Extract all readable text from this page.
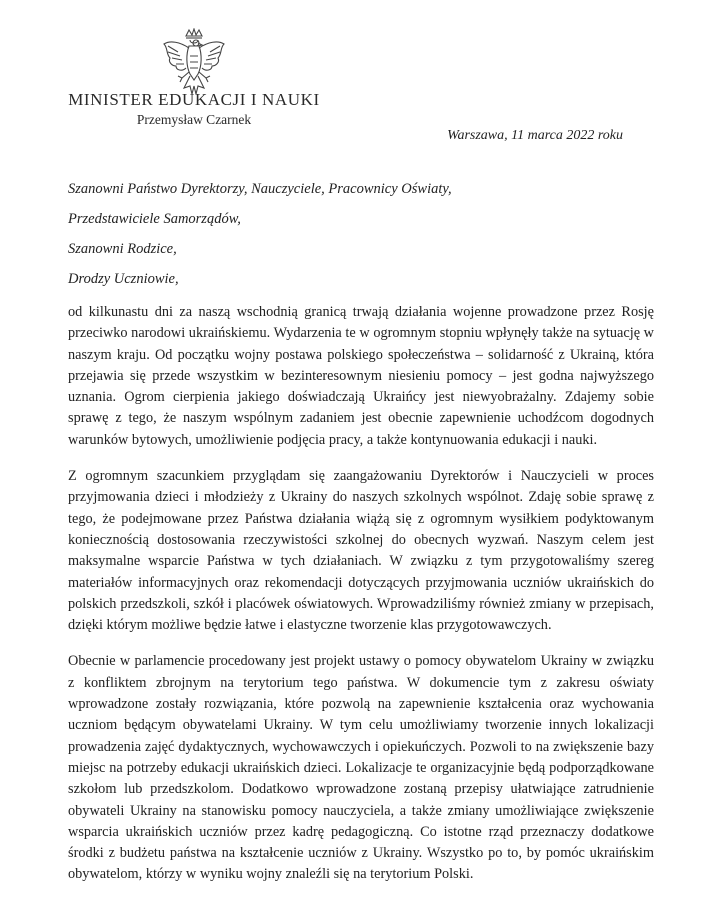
MINISTER EDUKACJI I NAUKI
Przemysław Czarnek
Warszawa, 11 marca 2022 roku
Szanowni Państwo Dyrektorzy, Nauczyciele, Pracownicy Oświaty,
Przedstawiciele Samorządów,
Szanowni Rodzice,
Drodzy Uczniowie,

od kilkunastu dni za naszą wschodnią granicą trwają działania wojenne prowadzone przez Rosję przeciwko narodowi ukraińskiemu. Wydarzenia te w ogromnym stopniu wpłynęły także na sytuację w naszym kraju. Od początku wojny postawa polskiego społeczeństwa – solidarność z Ukrainą, która przejawia się przede wszystkim w bezinteresownym niesieniu pomocy – jest godna najwyższego uznania. Ogrom cierpienia jakiego doświadczają Ukraińcy jest niewyobrażalny. Zdajemy sobie sprawę z tego, że naszym wspólnym zadaniem jest obecnie zapewnienie uchodźcom dogodnych warunków bytowych, umożliwienie podjęcia pracy, a także kontynuowania edukacji i nauki.

Z ogromnym szacunkiem przyglądam się zaangażowaniu Dyrektorów i Nauczycieli w proces przyjmowania dzieci i młodzieży z Ukrainy do naszych szkolnych wspólnot. Zdaję sobie sprawę z tego, że podejmowane przez Państwa działania wiążą się z ogromnym wysiłkiem podyktowanym koniecznością dostosowania rzeczywistości szkolnej do obecnych wyzwań. Naszym celem jest maksymalne wsparcie Państwa w tych działaniach. W związku z tym przygotowaliśmy szereg materiałów informacyjnych oraz rekomendacji dotyczących przyjmowania uczniów ukraińskich do polskich przedszkoli, szkół i placówek oświatowych. Wprowadziliśmy również zmiany w przepisach, dzięki którym możliwe będzie łatwe i elastyczne tworzenie klas przygotowawczych.

Obecnie w parlamencie procedowany jest projekt ustawy o pomocy obywatelom Ukrainy w związku z konfliktem zbrojnym na terytorium tego państwa. W dokumencie tym z zakresu oświaty wprowadzone zostały rozwiązania, które pozwolą na zapewnienie kształcenia oraz wychowania uczniom będącym obywatelami Ukrainy. W tym celu umożliwiamy tworzenie innych lokalizacji prowadzenia zajęć dydaktycznych, wychowawczych i opiekuńczych. Pozwoli to na zwiększenie bazy miejsc na potrzeby edukacji ukraińskich dzieci. Lokalizacje te organizacyjnie będą podporządkowane szkołom lub przedszkolom. Dodatkowo wprowadzone zostaną przepisy ułatwiające zatrudnienie obywateli Ukrainy na stanowisku pomocy nauczyciela, a także zmiany umożliwiające zwiększenie wsparcia ukraińskich uczniów przez kadrę pedagogiczną. Co istotne rząd przeznaczy dodatkowe środki z budżetu państwa na kształcenie uczniów z Ukrainy. Wszystko po to, by pomóc ukraińskim obywatelom, którzy w wyniku wojny znaleźli się na terytorium Polski.
